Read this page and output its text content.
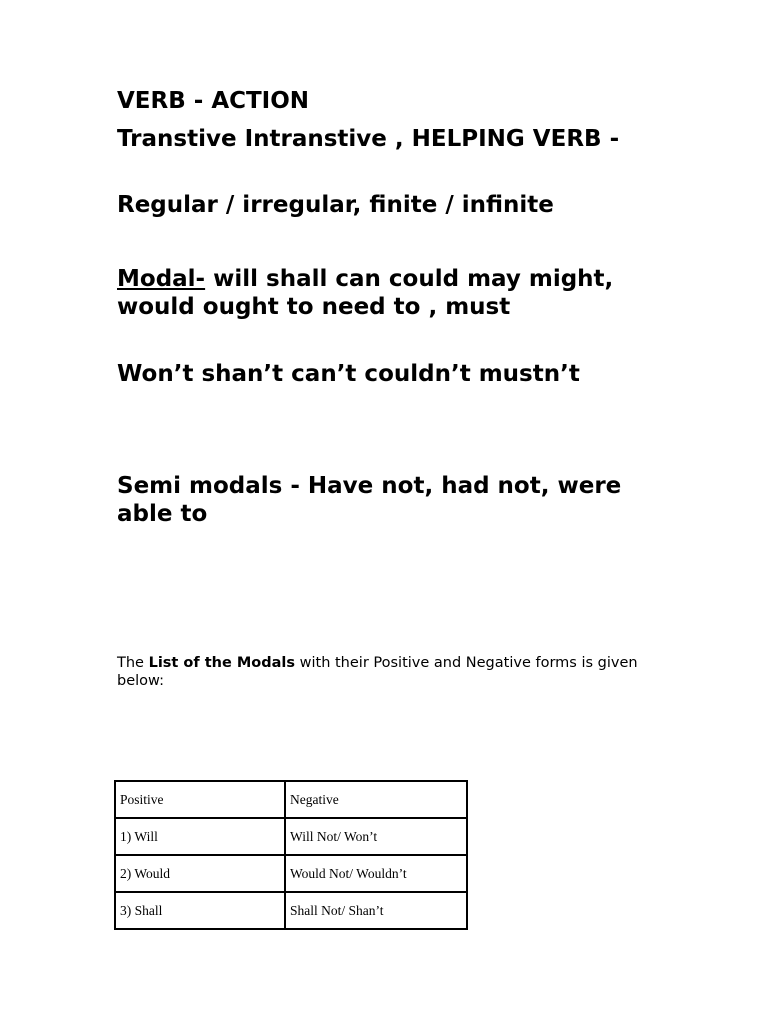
VERB - ACTION

Transtive Intranstive , HELPING VERB -

Regular / irregular, finite / infinite

Modal- will shall can could may might, would ought to need to , must

Won’t shan’t can’t couldn’t mustn’t

Semi modals - Have not, had not, were able to

The List of the Modals with their Positive and Negative forms is given below:

Positive	Negative
1) Will	Will Not/ Won’t
2) Would	Would Not/ Wouldn’t
3) Shall	Shall Not/ Shan’t
